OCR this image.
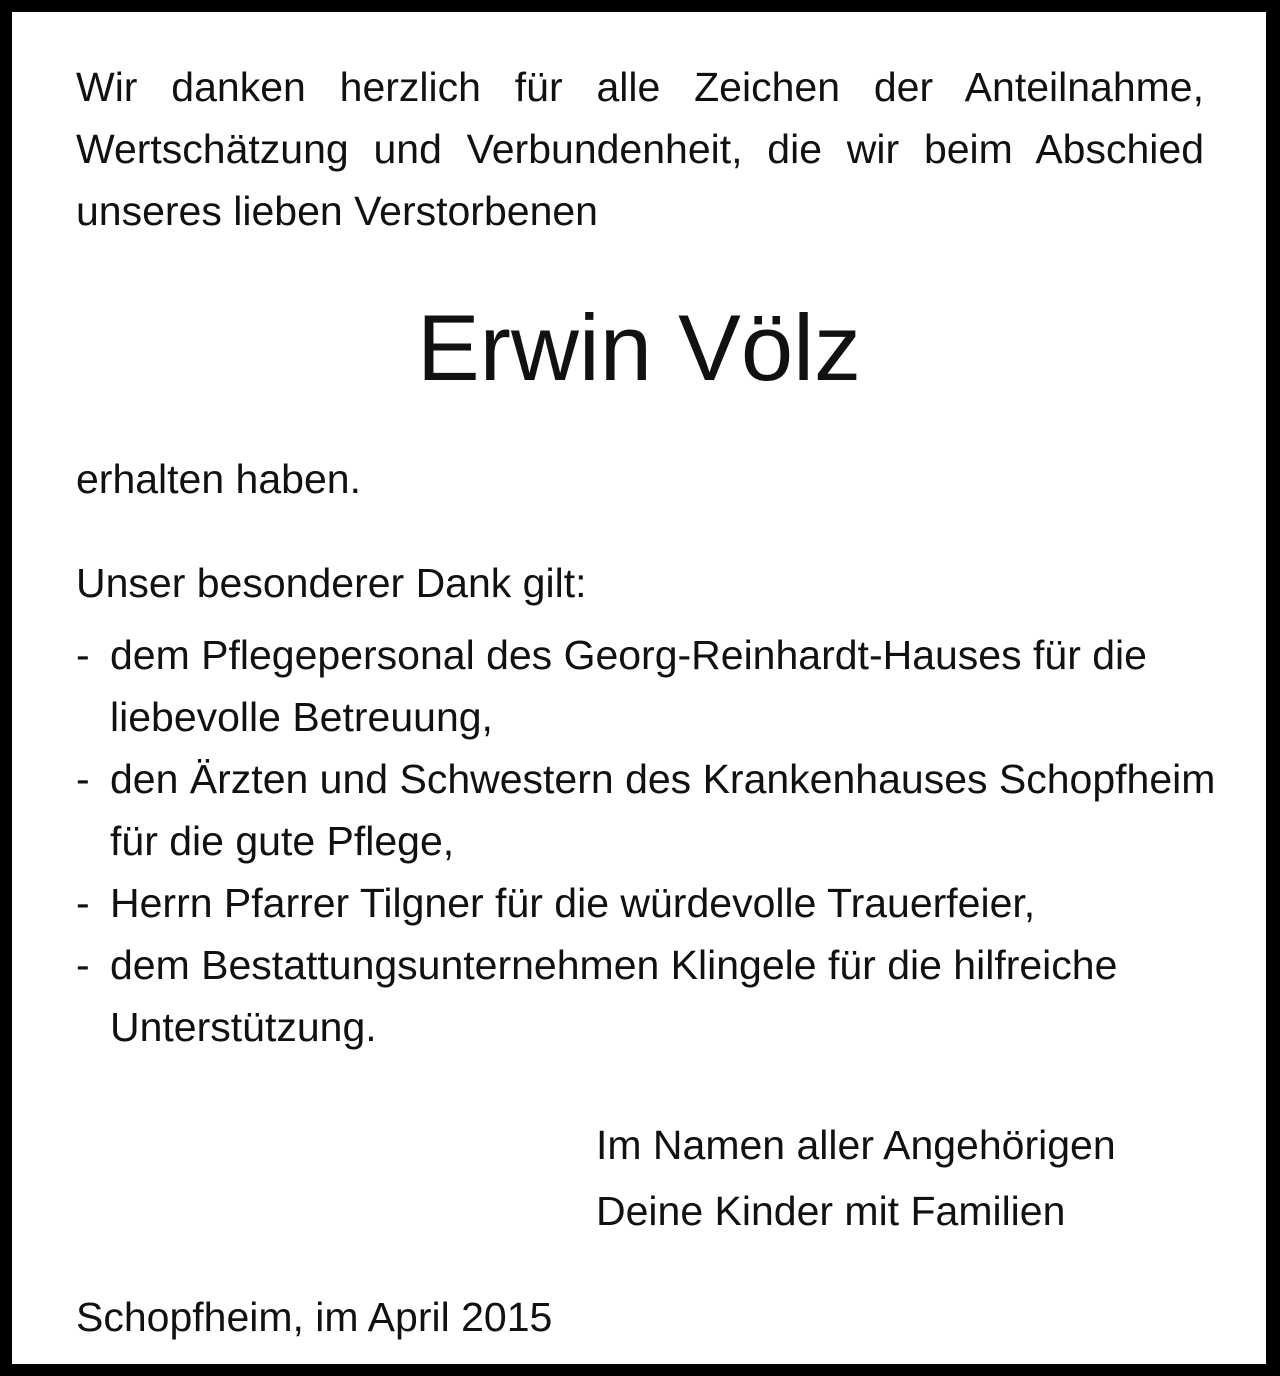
Wir danken herzlich für alle Zeichen der Anteilnahme, Wertschätzung und Verbundenheit, die wir beim Abschied unseres lieben Verstorbenen

Erwin Völz

erhalten haben.

Unser besonderer Dank gilt:

- dem Pflegepersonal des Georg-Reinhardt-Hauses für die liebevolle Betreuung,
- den Ärzten und Schwestern des Krankenhauses Schopfheim für die gute Pflege,
- Herrn Pfarrer Tilgner für die würdevolle Trauerfeier,
- dem Bestattungsunternehmen Klingele für die hilfreiche Unterstützung.
Im Namen aller Angehörigen
Deine Kinder mit Familien

Schopfheim, im April 2015
